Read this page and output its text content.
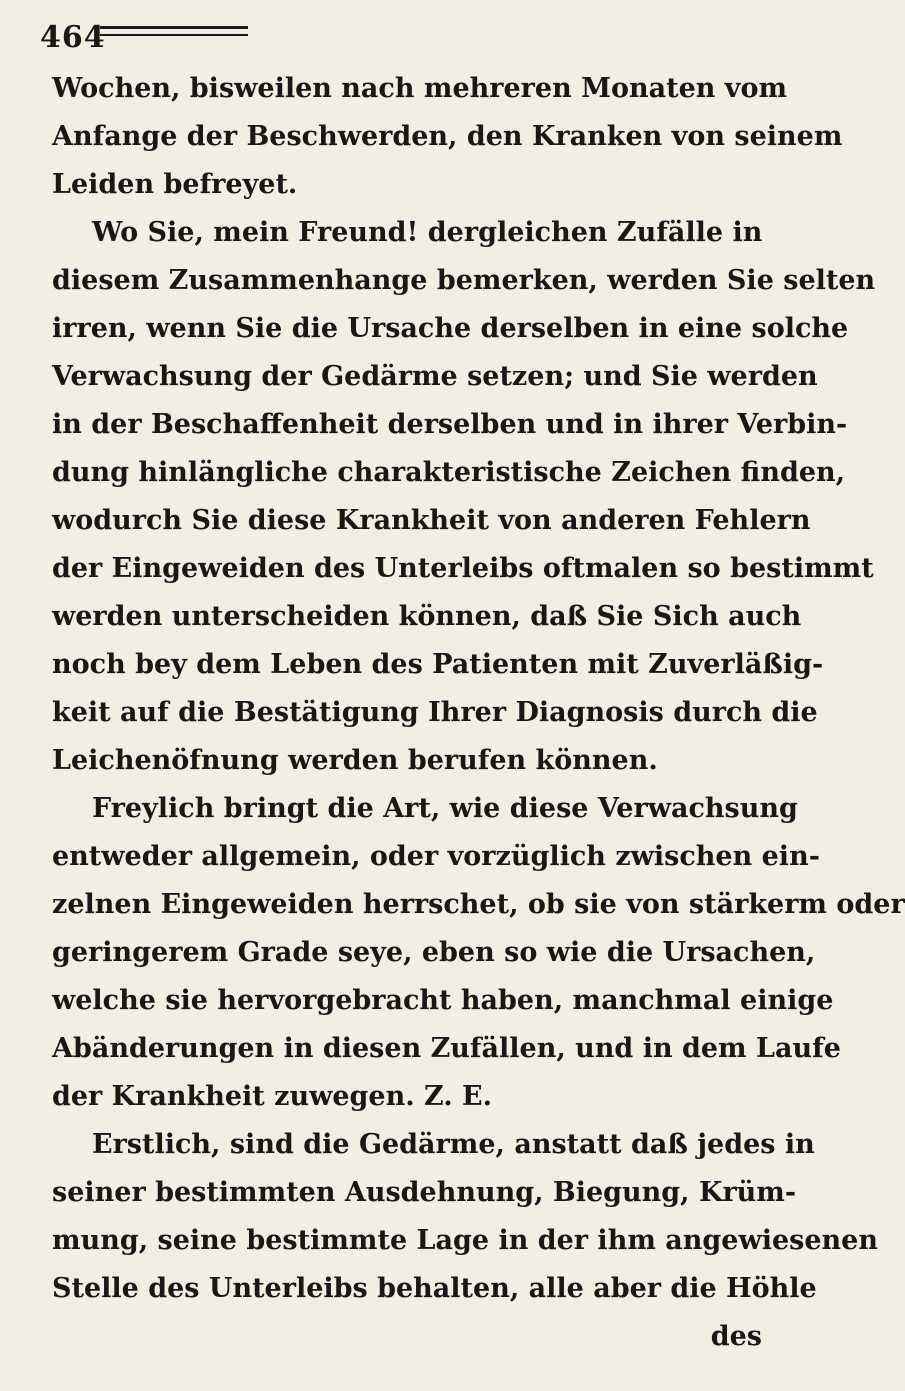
464
Wochen, bisweilen nach mehreren Monaten vom
Anfange der Beschwerden, den Kranken von seinem
Leiden befreyet.
Wo Sie, mein Freund! dergleichen Zufälle in
diesem Zusammenhange bemerken, werden Sie selten
irren, wenn Sie die Ursache derselben in eine solche
Verwachsung der Gedärme setzen; und Sie werden
in der Beschaffenheit derselben und in ihrer Verbin-
dung hinlängliche charakteristische Zeichen finden,
wodurch Sie diese Krankheit von anderen Fehlern
der Eingeweiden des Unterleibs oftmalen so bestimmt
werden unterscheiden können, daß Sie Sich auch
noch bey dem Leben des Patienten mit Zuverläßig-
keit auf die Bestätigung Ihrer Diagnosis durch die
Leichenöfnung werden berufen können.
Freylich bringt die Art, wie diese Verwachsung
entweder allgemein, oder vorzüglich zwischen ein-
zelnen Eingeweiden herrschet, ob sie von stärkerm oder
geringerem Grade seye, eben so wie die Ursachen,
welche sie hervorgebracht haben, manchmal einige
Abänderungen in diesen Zufällen, und in dem Laufe
der Krankheit zuwegen. Z. E.
Erstlich, sind die Gedärme, anstatt daß jedes in
seiner bestimmten Ausdehnung, Biegung, Krüm-
mung, seine bestimmte Lage in der ihm angewiesenen
Stelle des Unterleibs behalten, alle aber die Höhle
des
